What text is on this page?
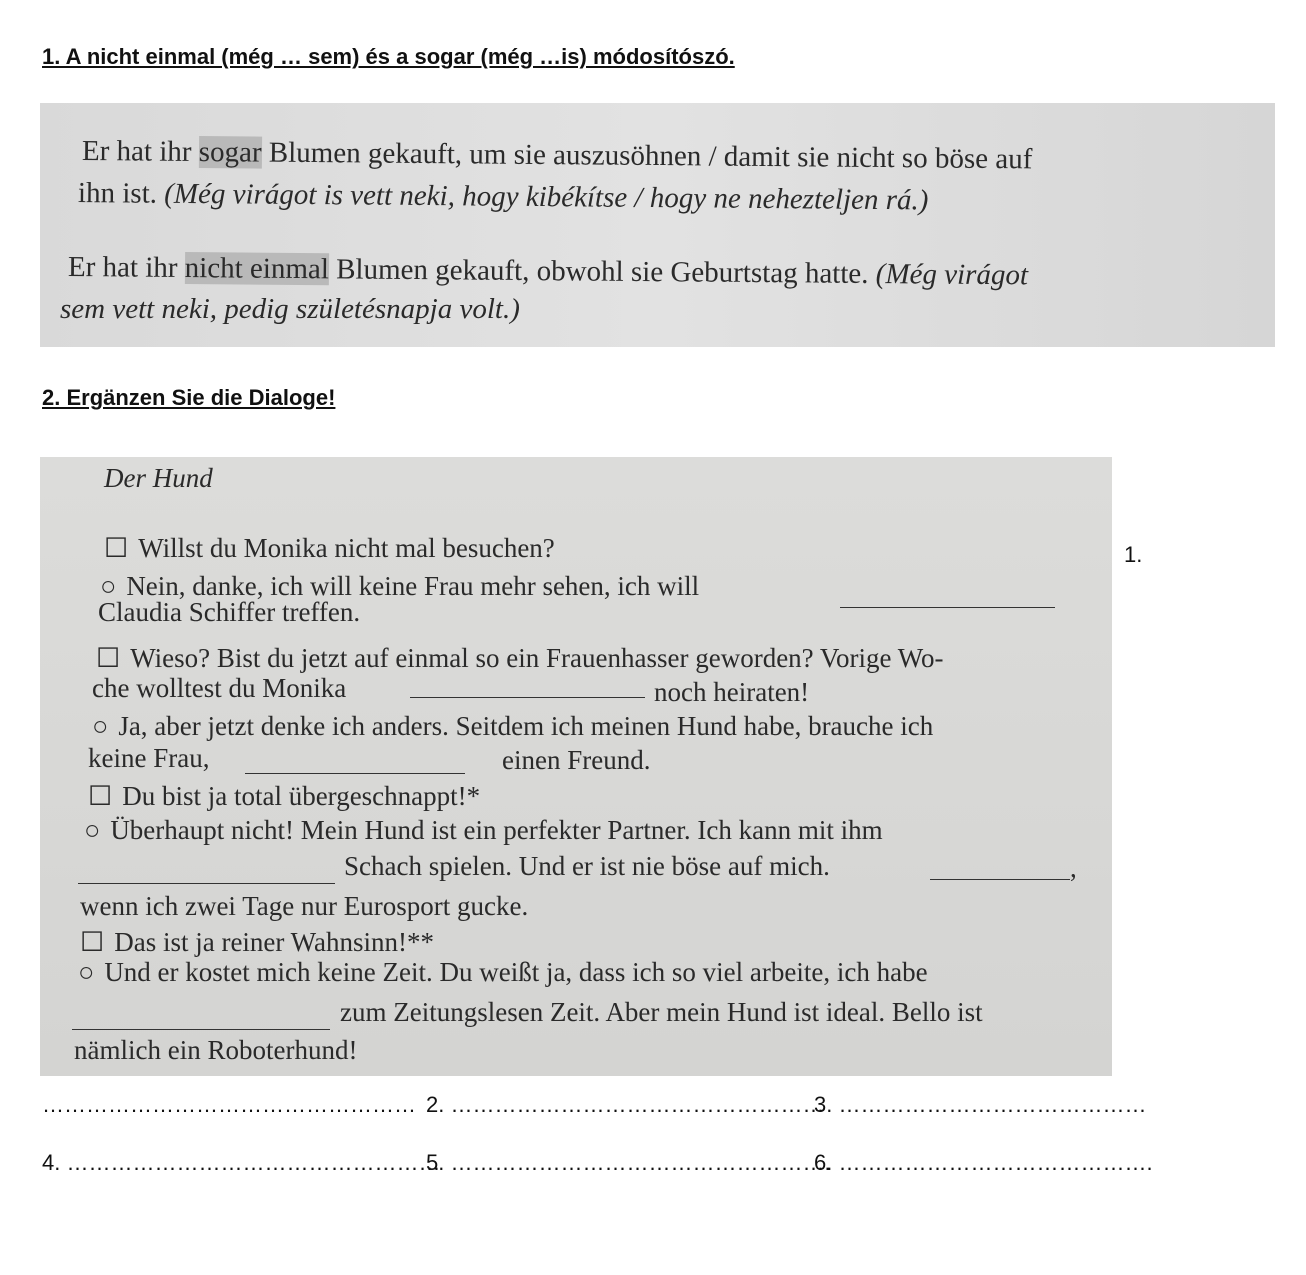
1. A nicht einmal (még … sem) és a sogar (még …is) módosítószó.
Er hat ihr sogar Blumen gekauft, um sie auszusöhnen / damit sie nicht so böse auf
ihn ist. (Még virágot is vett neki, hogy kibékítse / hogy ne nehezteljen rá.)
Er hat ihr nicht einmal Blumen gekauft, obwohl sie Geburtstag hatte. (Még virágot
sem vett neki, pedig születésnapja volt.)
2. Ergänzen Sie die Dialoge!
Der Hund
☐ Willst du Monika nicht mal besuchen?
○ Nein, danke, ich will keine Frau mehr sehen, ich will
Claudia Schiffer treffen.
☐ Wieso? Bist du jetzt auf einmal so ein Frauenhasser geworden? Vorige Wo-
che wolltest du Monika	noch heiraten!
○ Ja, aber jetzt denke ich anders. Seitdem ich meinen Hund habe, brauche ich
keine Frau,	einen Freund.
☐ Du bist ja total übergeschnappt!*
○ Überhaupt nicht! Mein Hund ist ein perfekter Partner. Ich kann mit ihm
Schach spielen. Und er ist nie böse auf mich.	,
wenn ich zwei Tage nur Eurosport gucke.
☐ Das ist ja reiner Wahnsinn!**
○ Und er kostet mich keine Zeit. Du weißt ja, dass ich so viel arbeite, ich habe
zum Zeitungslesen Zeit. Aber mein Hund ist ideal. Bello ist
nämlich ein Roboterhund!
1.
…………………………………………… 2. ……………………………………………
3. ……………………………………
4. ……………………………………………
5. …………………………………………….
6. …………………………………….
